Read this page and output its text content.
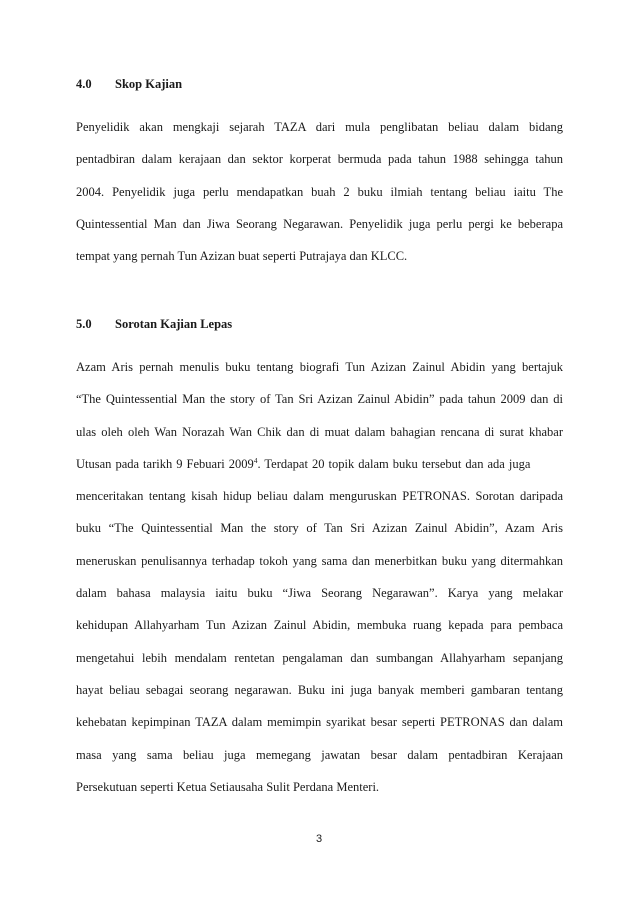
4.0 Skop Kajian
Penyelidik akan mengkaji sejarah TAZA dari mula penglibatan beliau dalam bidang
pentadbiran dalam kerajaan dan sektor korperat bermuda pada tahun 1988 sehingga tahun
2004. Penyelidik juga perlu mendapatkan buah 2 buku ilmiah tentang beliau iaitu The
Quintessential Man dan Jiwa Seorang Negarawan. Penyelidik juga perlu pergi ke beberapa
tempat yang pernah Tun Azizan buat seperti Putrajaya dan KLCC.
5.0 Sorotan Kajian Lepas
Azam Aris pernah menulis buku tentang biografi Tun Azizan Zainul Abidin yang bertajuk
“The Quintessential Man the story of Tan Sri Azizan Zainul Abidin” pada tahun 2009 dan di
ulas oleh oleh Wan Norazah Wan Chik dan di muat dalam bahagian rencana di surat khabar
Utusan pada tarikh 9 Febuari 2009$^4$. Terdapat 20 topik dalam buku tersebut dan ada juga
menceritakan tentang kisah hidup beliau dalam menguruskan PETRONAS. Sorotan daripada
buku “The Quintessential Man the story of Tan Sri Azizan Zainul Abidin”, Azam Aris
meneruskan penulisannya terhadap tokoh yang sama dan menerbitkan buku yang ditermahkan
dalam bahasa malaysia iaitu buku “Jiwa Seorang Negarawan”. Karya yang melakar
kehidupan Allahyarham Tun Azizan Zainul Abidin, membuka ruang kepada para pembaca
mengetahui lebih mendalam rentetan pengalaman dan sumbangan Allahyarham sepanjang
hayat beliau sebagai seorang negarawan. Buku ini juga banyak memberi gambaran tentang
kehebatan kepimpinan TAZA dalam memimpin syarikat besar seperti PETRONAS dan dalam
masa yang sama beliau juga memegang jawatan besar dalam pentadbiran Kerajaan
Persekutuan seperti Ketua Setiausaha Sulit Perdana Menteri.
3
